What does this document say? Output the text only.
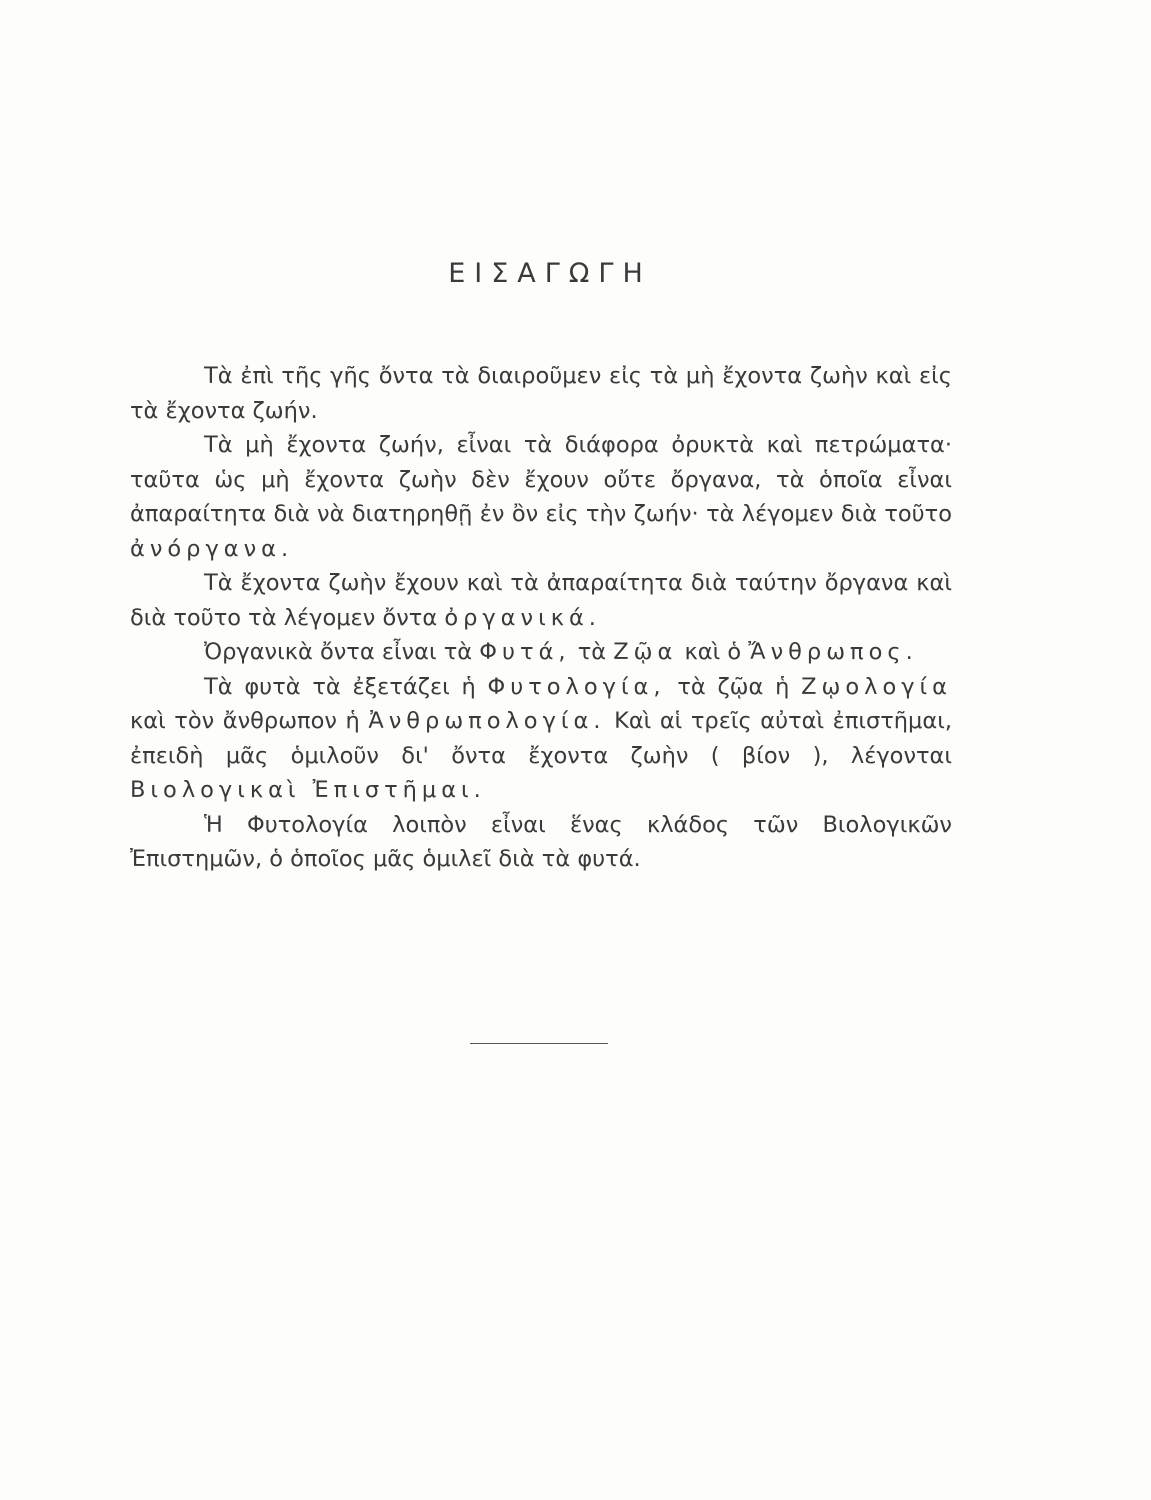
ΕΙΣΑΓΩΓΗ

Τὰ ἐπὶ τῆς γῆς ὄντα τὰ διαιροῦμεν εἰς τὰ μὴ ἔχοντα ζωὴν καὶ εἰς τὰ ἔχοντα ζωήν.

Τὰ μὴ ἔχοντα ζωήν, εἶναι τὰ διάφορα ὀρυκτὰ καὶ πετρώματα· ταῦτα ὡς μὴ ἔχοντα ζωὴν δὲν ἔχουν οὔτε ὄργανα, τὰ ὁποῖα εἶναι ἀπαραίτητα διὰ νὰ διατηρηθῇ ἐν ὂν εἰς τὴν ζωήν· τὰ λέγομεν διὰ τοῦτο ἀνόργανα.

Τὰ ἔχοντα ζωὴν ἔχουν καὶ τὰ ἀπαραίτητα διὰ ταύτην ὄργανα καὶ διὰ τοῦτο τὰ λέγομεν ὄντα ὀργανικά.

Ὀργανικὰ ὄντα εἶναι τὰ Φυτά, τὰ Ζῷα καὶ ὁ Ἄνθρωπος.

Τὰ φυτὰ τὰ ἐξετάζει ἡ Φυτολογία, τὰ ζῷα ἡ Ζῳολογία καὶ τὸν ἄνθρωπον ἡ Ἀνθρωπολογία. Καὶ αἱ τρεῖς αὐταὶ ἐπιστῆμαι, ἐπειδὴ μᾶς ὁμιλοῦν δι' ὄντα ἔχοντα ζωὴν ( βίον ), λέγονται Βιολογικαὶ Ἐπιστῆμαι.

Ἡ Φυτολογία λοιπὸν εἶναι ἕνας κλάδος τῶν Βιολογικῶν Ἐπιστημῶν, ὁ ὁποῖος μᾶς ὁμιλεῖ διὰ τὰ φυτά.
